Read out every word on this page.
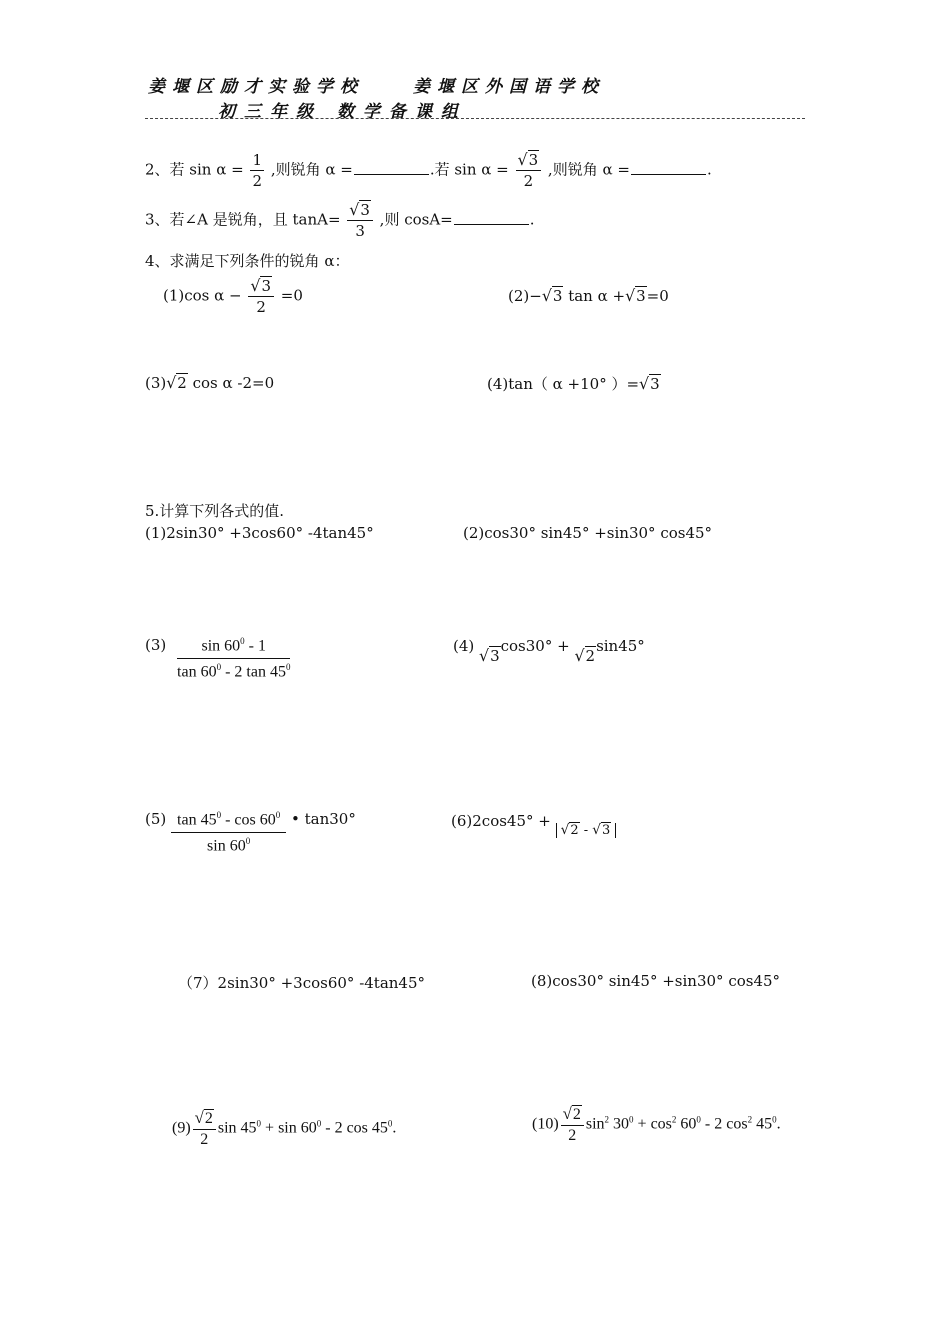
姜堰区励才实验学校	姜堰区外国语学校
初三年级 数学备课组
2、若 $\sin \alpha = \frac{1}{2}$ ,则锐角 α =	.若 $\sin \alpha = \frac{√3}{2}$ ,则锐角 α =	.
3、若∠A 是锐角，且 $\tan A= \frac{√3}{3}$ ,则 cosA=	.
4、求满足下列条件的锐角 α：
(1)cos $\alpha - \frac{√3}{2} =0$	(2)−√3 tan α +√3=0
(3)√2 cos α -2=0	(4)tan（ α +10° ）=√3
5.计算下列各式的值.
(1)2sin30° +3cos60° -4tan45°	(2)cos30° sin45° +sin30° cos45°
$(3) \frac{\sin 60^0 - 1}{\tan 60^0 - 2 \tan 45^0}$	(4) √3cos30° + √2sin45°
$(5) \frac{\tan 45^0 - \cos 60^0}{\sin 60^0}$ • tan30°	(6)2cos45° + √2 - √3
（7）2sin30° +3cos60° -4tan45°	(8)cos30° sin45° +sin30° cos45°
$(9) \frac{√2}{2}$ $\sin 45^0 + \sin 60^0 - 2$ $\cos 45^0$.	$(10) \frac{√2}{2} \sin^2 30^0 + \cos^2 60^0 - 2$ $\cos^2 45^0$.
